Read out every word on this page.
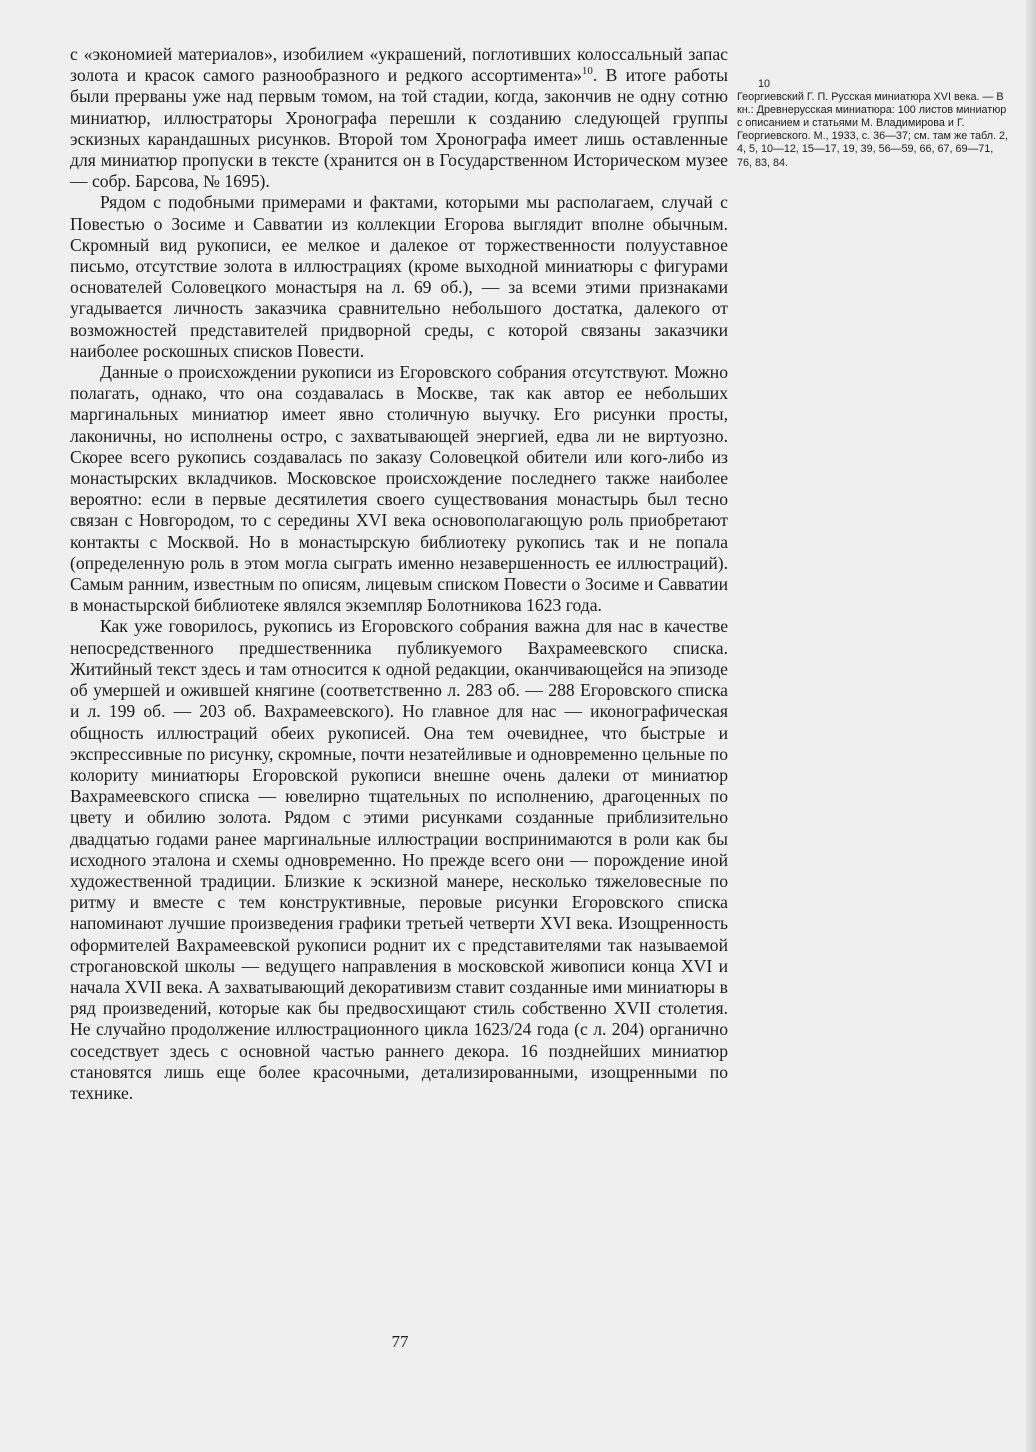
с «экономией материалов», изобилием «украшений, поглотивших колоссальный запас золота и красок самого разнообразного и редкого ассортимента»$^{10}$. В итоге работы были прерваны уже над первым томом, на той стадии, когда, закончив не одну сотню миниатюр, иллюстраторы Хронографа перешли к созданию следующей группы эскизных карандашных рисунков. Второй том Хронографа имеет лишь оставленные для миниатюр пропуски в тексте (хранится он в Государственном Историческом музее — собр. Барсова, № 1695).

Рядом с подобными примерами и фактами, которыми мы располагаем, случай с Повестью о Зосиме и Савватии из коллекции Егорова выглядит вполне обычным. Скромный вид рукописи, ее мелкое и далекое от торжественности полууставное письмо, отсутствие золота в иллюстрациях (кроме выходной миниатюры с фигурами основателей Соловецкого монастыря на л. 69 об.), — за всеми этими признаками угадывается личность заказчика сравнительно небольшого достатка, далекого от возможностей представителей придворной среды, с которой связаны заказчики наиболее роскошных списков Повести.

Данные о происхождении рукописи из Егоровского собрания отсутствуют. Можно полагать, однако, что она создавалась в Москве, так как автор ее небольших маргинальных миниатюр имеет явно столичную выучку. Его рисунки просты, лаконичны, но исполнены остро, с захватывающей энергией, едва ли не виртуозно. Скорее всего рукопись создавалась по заказу Соловецкой обители или кого-либо из монастырских вкладчиков. Московское происхождение последнего также наиболее вероятно: если в первые десятилетия своего существования монастырь был тесно связан с Новгородом, то с середины XVI века основополагающую роль приобретают контакты с Москвой. Но в монастырскую библиотеку рукопись так и не попала (определенную роль в этом могла сыграть именно незавершенность ее иллюстраций). Самым ранним, известным по описям, лицевым списком Повести о Зосиме и Савватии в монастырской библиотеке являлся экземпляр Болотникова 1623 года.

Как уже говорилось, рукопись из Егоровского собрания важна для нас в качестве непосредственного предшественника публикуемого Вахрамеевского списка. Житийный текст здесь и там относится к одной редакции, оканчивающейся на эпизоде об умершей и ожившей княгине (соответственно л. 283 об. — 288 Егоровского списка и л. 199 об. — 203 об. Вахрамеевского). Но главное для нас — иконографическая общность иллюстраций обеих рукописей. Она тем очевиднее, что быстрые и экспрессивные по рисунку, скромные, почти незатейливые и одновременно цельные по колориту миниатюры Егоровской рукописи внешне очень далеки от миниатюр Вахрамеевского списка — ювелирно тщательных по исполнению, драгоценных по цвету и обилию золота. Рядом с этими рисунками созданные приблизительно двадцатью годами ранее маргинальные иллюстрации воспринимаются в роли как бы исходного эталона и схемы одновременно. Но прежде всего они — порождение иной художественной традиции. Близкие к эскизной манере, несколько тяжеловесные по ритму и вместе с тем конструктивные, перовые рисунки Егоровского списка напоминают лучшие произведения графики третьей четверти XVI века. Изощренность оформителей Вахрамеевской рукописи роднит их с представителями так называемой строгановской школы — ведущего направления в московской живописи конца XVI и начала XVII века. А захватывающий декоративизм ставит созданные ими миниатюры в ряд произведений, которые как бы предвосхищают стиль собственно XVII столетия. Не случайно продолжение иллюстрационного цикла 1623/24 года (с л. 204) органично соседствует здесь с основной частью раннего декора. 16 позднейших миниатюр становятся лишь еще более красочными, детализированными, изощренными по технике.

10
Георгиевский Г. П. Русская миниатюра XVI века. — В кн.: Древнерусская миниатюра: 100 листов миниатюр с описанием и статьями М. Владимирова и Г. Георгиевского. М., 1933, с. 36—37; см. там же табл. 2, 4, 5, 10—12, 15—17, 19, 39, 56—59, 66, 67, 69—71, 76, 83, 84.
77
